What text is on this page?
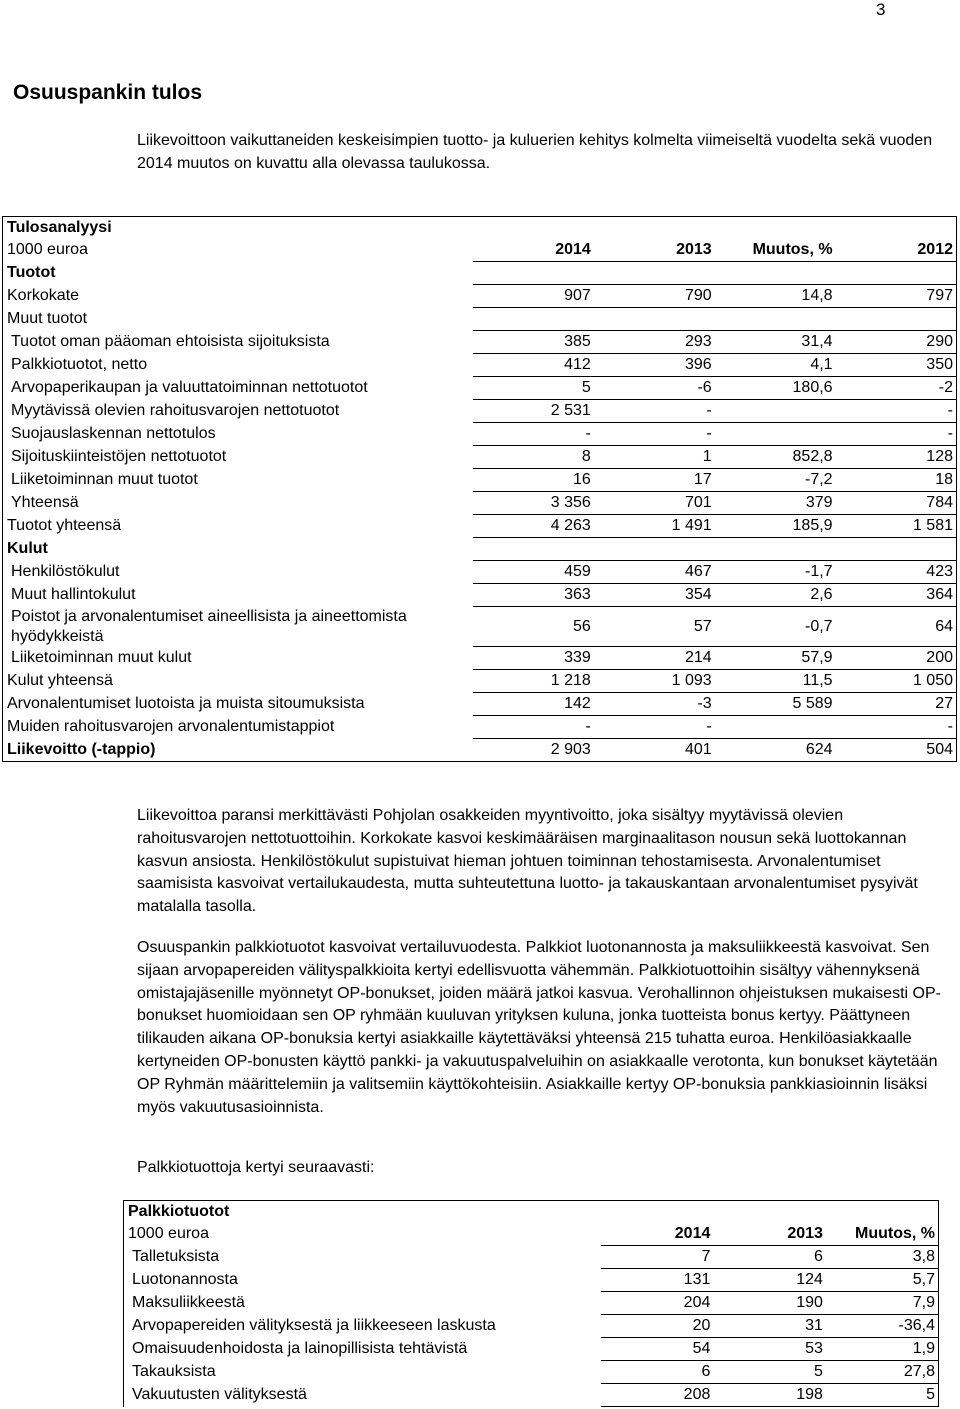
3
Osuuspankin tulos

Liikevoittoon vaikuttaneiden keskeisimpien tuotto- ja kuluerien kehitys kolmelta viimeiseltä vuodelta sekä vuoden 2014 muutos on kuvattu alla olevassa taulukossa.

Tulosanalyysi				
1000 euroa	2014	2013	Muutos, %	2012
Tuotot				
Korkokate	907	790	14,8	797
Muut tuotot				
Tuotot oman pääoman ehtoisista sijoituksista	385	293	31,4	290
Palkkiotuotot, netto	412	396	4,1	350
Arvopaperikaupan ja valuuttatoiminnan nettotuotot	5	-6	180,6	-2
Myytävissä olevien rahoitusvarojen nettotuotot	2 531	-		-
Suojauslaskennan nettotulos	-	-		-
Sijoituskiinteistöjen nettotuotot	8	1	852,8	128
Liiketoiminnan muut tuotot	16	17	-7,2	18
Yhteensä	3 356	701	379	784
Tuotot yhteensä	4 263	1 491	185,9	1 581
Kulut				
Henkilöstökulut	459	467	-1,7	423
Muut hallintokulut	363	354	2,6	364
Poistot ja arvonalentumiset aineellisista ja aineettomista hyödykkeistä	56	57	-0,7	64
Liiketoiminnan muut kulut	339	214	57,9	200
Kulut yhteensä	1 218	1 093	11,5	1 050
Arvonalentumiset luotoista ja muista sitoumuksista	142	-3	5 589	27
Muiden rahoitusvarojen arvonalentumistappiot	-	-		-
Liikevoitto (-tappio)	2 903	401	624	504

Liikevoittoa paransi merkittävästi Pohjolan osakkeiden myyntivoitto, joka sisältyy myytävissä olevien rahoitusvarojen nettotuottoihin. Korkokate kasvoi keskimääräisen marginaalitason nousun sekä luottokannan kasvun ansiosta. Henkilöstökulut supistuivat hieman johtuen toiminnan tehostamisesta. Arvonalentumiset saamisista kasvoivat vertailukaudesta, mutta suhteutettuna luotto- ja takauskantaan arvonalentumiset pysyivät matalalla tasolla.

Osuuspankin palkkiotuotot kasvoivat vertailuvuodesta. Palkkiot luotonannosta ja maksuliikkeestä kasvoivat. Sen sijaan arvopapereiden välityspalkkioita kertyi edellisvuotta vähemmän. Palkkiotuottoihin sisältyy vähennyksenä omistajajäsenille myönnetyt OP-bonukset, joiden määrä jatkoi kasvua. Verohallinnon ohjeistuksen mukaisesti OP-bonukset huomioidaan sen OP ryhmään kuuluvan yrityksen kuluna, jonka tuotteista bonus kertyy. Päättyneen tilikauden aikana OP-bonuksia kertyi asiakkaille käytettäväksi yhteensä 215 tuhatta euroa. Henkilöasiakkaalle kertyneiden OP-bonusten käyttö pankki- ja vakuutuspalveluihin on asiakkaalle verotonta, kun bonukset käytetään OP Ryhmän määrittelemiin ja valitsemiin käyttökohteisiin. Asiakkaille kertyy OP-bonuksia pankkiasioinnin lisäksi myös vakuutusasioinnista.

Palkkiotuottoja kertyi seuraavasti:

Palkkiotuotot			
1000 euroa	2014	2013	Muutos, %
Talletuksista	7	6	3,8
Luotonannosta	131	124	5,7
Maksuliikkeestä	204	190	7,9
Arvopapereiden välityksestä ja liikkeeseen laskusta	20	31	-36,4
Omaisuudenhoidosta ja lainopillisista tehtävistä	54	53	1,9
Takauksista	6	5	27,8
Vakuutusten välityksestä	208	198	5
